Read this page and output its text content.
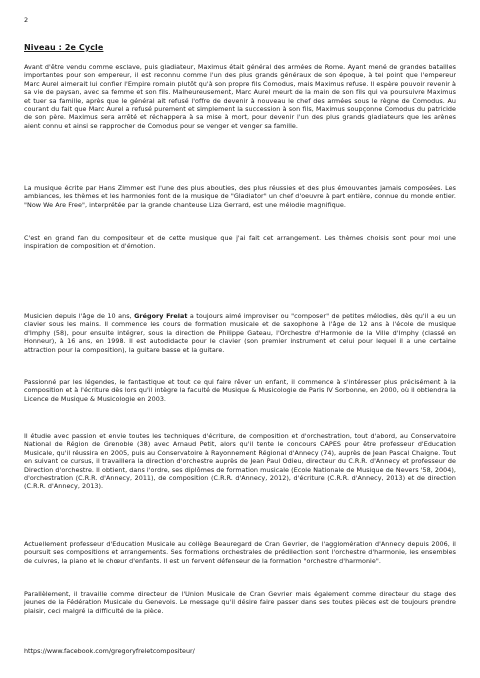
2
Niveau : 2e Cycle

Avant d'être vendu comme esclave, puis gladiateur, Maximus était général des armées de Rome. Ayant mené de grandes batailles importantes pour son empereur, il est reconnu comme l'un des plus grands généraux de son époque, à tel point que l'empereur Marc Aurel aimerait lui confier l'Empire romain plutôt qu'à son propre fils Comodus, mais Maximus refuse. Il espère pouvoir revenir à sa vie de paysan, avec sa femme et son fils. Malheureusement, Marc Aurel meurt de la main de son fils qui va poursuivre Maximus et tuer sa famille, après que le général ait refusé l'offre de devenir à nouveau le chef des armées sous le règne de Comodus. Au courant du fait que Marc Aurel a refusé purement et simplement la succession à son fils, Maximus soupçonne Comodus du patricide de son père. Maximus sera arrêté et réchappera à sa mise à mort, pour devenir l'un des plus grands gladiateurs que les arènes aient connu et ainsi se rapprocher de Comodus pour se venger et venger sa famille.

La musique écrite par Hans Zimmer est l'une des plus abouties, des plus réussies et des plus émouvantes jamais composées. Les ambiances, les thèmes et les harmonies font de la musique de "Gladiator" un chef d'oeuvre à part entière, connue du monde entier. "Now We Are Free", interprétée par la grande chanteuse Liza Gerrard, est une mélodie magnifique.

C'est en grand fan du compositeur et de cette musique que j'ai fait cet arrangement. Les thèmes choisis sont pour moi une inspiration de composition et d'émotion.

Musicien depuis l'âge de 10 ans, Grégory Frelat a toujours aimé improviser ou "composer" de petites mélodies, dès qu'il a eu un clavier sous les mains. Il commence les cours de formation musicale et de saxophone à l'âge de 12 ans à l'école de musique d'Imphy (58), pour ensuite intégrer, sous la direction de Philippe Gateau, l'Orchestre d'Harmonie de la Ville d'Imphy (classé en Honneur), à 16 ans, en 1998. Il est autodidacte pour le clavier (son premier instrument et celui pour lequel il a une certaine attraction pour la composition), la guitare basse et la guitare.

Passionné par les légendes, le fantastique et tout ce qui faire rêver un enfant, il commence à s'intéresser plus précisément à la composition et à l'écriture dès lors qu'il intègre la faculté de Musique & Musicologie de Paris IV Sorbonne, en 2000, où il obtiendra la Licence de Musique & Musicologie en 2003.

Il étudie avec passion et envie toutes les techniques d'écriture, de composition et d'orchestration, tout d'abord, au Conservatoire National de Région de Grenoble (38) avec Arnaud Petit, alors qu'il tente le concours CAPES pour être professeur d'Education Musicale, qu'il réussira en 2005, puis au Conservatoire à Rayonnement Régional d'Annecy (74), auprès de Jean Pascal Chaigne. Tout en suivant ce cursus, il travaillera la direction d'orchestre auprès de Jean Paul Odieu, directeur du C.R.R. d'Annecy et professeur de Direction d'orchestre. Il obtient, dans l'ordre, ses diplômes de formation musicale (Ecole Nationale de Musique de Nevers '58, 2004), d'orchestration (C.R.R. d'Annecy, 2011), de composition (C.R.R. d'Annecy, 2012), d'écriture (C.R.R. d'Annecy, 2013) et de direction (C.R.R. d'Annecy, 2013).

Actuellement professeur d'Education Musicale au collège Beauregard de Cran Gevrier, de l'agglomération d'Annecy depuis 2006, il poursuit ses compositions et arrangements. Ses formations orchestrales de prédilection sont l'orchestre d'harmonie, les ensembles de cuivres, la piano et le chœur d'enfants. Il est un fervent défenseur de la formation "orchestre d'harmonie".

Parallèlement, il travaille comme directeur de l'Union Musicale de Cran Gevrier mais également comme directeur du stage des jeunes de la Fédération Musicale du Genevois. Le message qu'il désire faire passer dans ses toutes pièces est de toujours prendre plaisir, ceci malgré la difficulté de la pièce.

https://www.facebook.com/gregoryfreletcompositeur/
